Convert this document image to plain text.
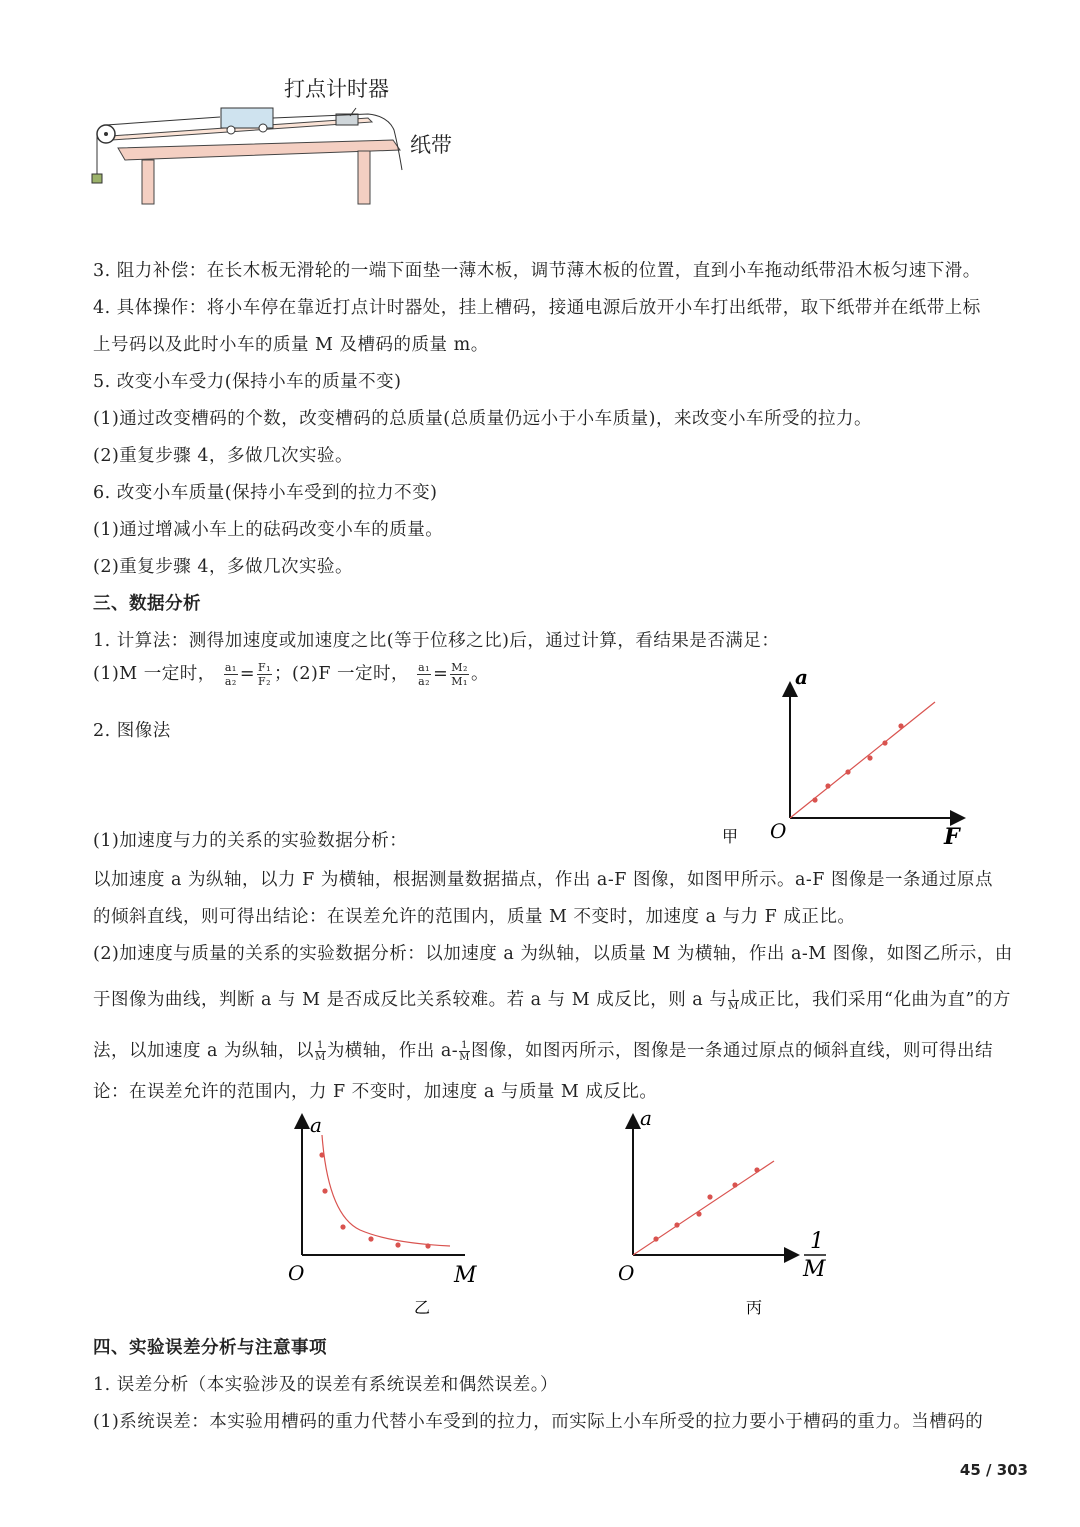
打点计时器
纸带
3. 阻力补偿：在长木板无滑轮的一端下面垫一薄木板，调节薄木板的位置，直到小车拖动纸带沿木板匀速下滑。
4. 具体操作：将小车停在靠近打点计时器处，挂上槽码，接通电源后放开小车打出纸带，取下纸带并在纸带上标
上号码以及此时小车的质量 M 及槽码的质量 m。
5. 改变小车受力(保持小车的质量不变)
(1)通过改变槽码的个数，改变槽码的总质量(总质量仍远小于小车质量)，来改变小车所受的拉力。
(2)重复步骤 4，多做几次实验。
6. 改变小车质量(保持小车受到的拉力不变)
(1)通过增减小车上的砝码改变小车的质量。
(2)重复步骤 4，多做几次实验。
三、数据分析
1. 计算法：测得加速度或加速度之比(等于位移之比)后，通过计算，看结果是否满足：
(1)M 一定时， $\frac{\text{a₁}}{\text{a₂}} = \frac{\text{F₁}}{\text{F₂}}$ ；(2)F 一定时， $\frac{\text{a₁}}{\text{a₂}} = \frac{\text{M₂}}{\text{M₁}}$ 。
2. 图像法
(1)加速度与力的关系的实验数据分析：
a
F
O
甲
以加速度 a 为纵轴，以力 F 为横轴，根据测量数据描点，作出 a-F 图像，如图甲所示。a-F 图像是一条通过原点
的倾斜直线，则可得出结论：在误差允许的范围内，质量 M 不变时，加速度 a 与力 F 成正比。
(2)加速度与质量的关系的实验数据分析：以加速度 a 为纵轴，以质量 M 为横轴，作出 a-M 图像，如图乙所示，由
于图像为曲线，判断 a 与 M 是否成反比关系较难。若 a 与 M 成反比，则 a 与 $\frac{1}{M}$成正比，我们采用“化曲为直”的方
法，以加速度 a 为纵轴，以 $\frac{1}{M}$为横轴，作出 $a- \frac{1}{M}$图像，如图丙所示，图像是一条通过原点的倾斜直线，则可得出结
论：在误差允许的范围内，力 F 不变时，加速度 a 与质量 M 成反比。
a
M
O
乙
a
1
M
O
丙
四、实验误差分析与注意事项
1. 误差分析（本实验涉及的误差有系统误差和偶然误差。）
(1)系统误差：本实验用槽码的重力代替小车受到的拉力，而实际上小车所受的拉力要小于槽码的重力。当槽码的
45 / 303
